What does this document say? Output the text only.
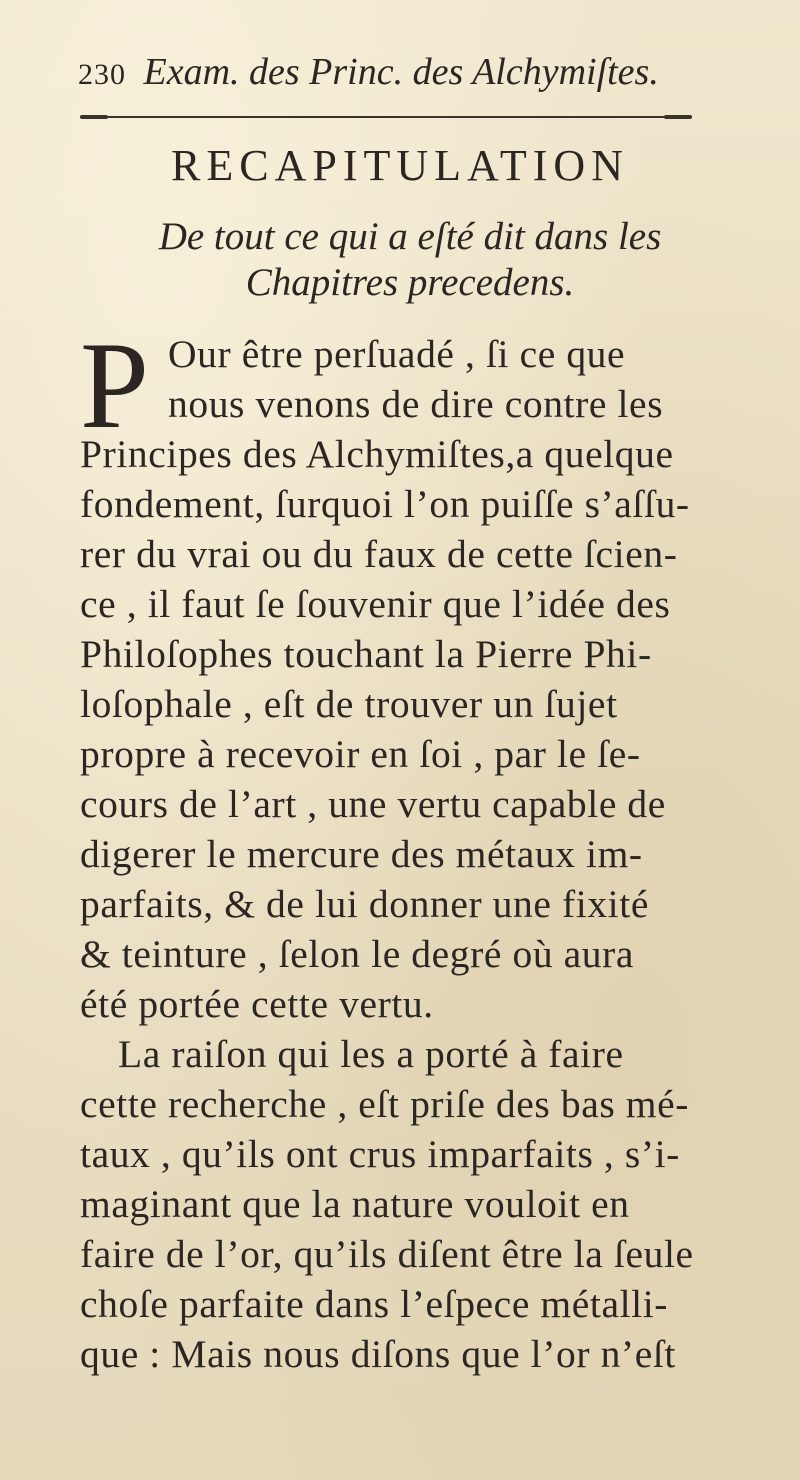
230 Exam. des Princ. des Alchymiſtes.
RECAPITULATION
De tout ce qui a eſté dit dans les
Chapitres precedens.
P Our être perſuadé , ſi ce que
nous venons de dire contre les
Principes des Alchymiſtes,a quelque
fondement, ſurquoi l’on puiſſe s’aſſu-
rer du vrai ou du faux de cette ſcien-
ce , il faut ſe ſouvenir que l’idée des
Philoſophes touchant la Pierre Phi-
loſophale , eſt de trouver un ſujet
propre à recevoir en ſoi , par le ſe-
cours de l’art , une vertu capable de
digerer le mercure des métaux im-
parfaits, & de lui donner une fixité
& teinture , ſelon le degré où aura
été portée cette vertu.
La raiſon qui les a porté à faire
cette recherche , eſt priſe des bas mé-
taux , qu’ils ont crus imparfaits , s’i-
maginant que la nature vouloit en
faire de l’or, qu’ils diſent être la ſeule
choſe parfaite dans l’eſpece métalli-
que : Mais nous diſons que l’or n’eſt
